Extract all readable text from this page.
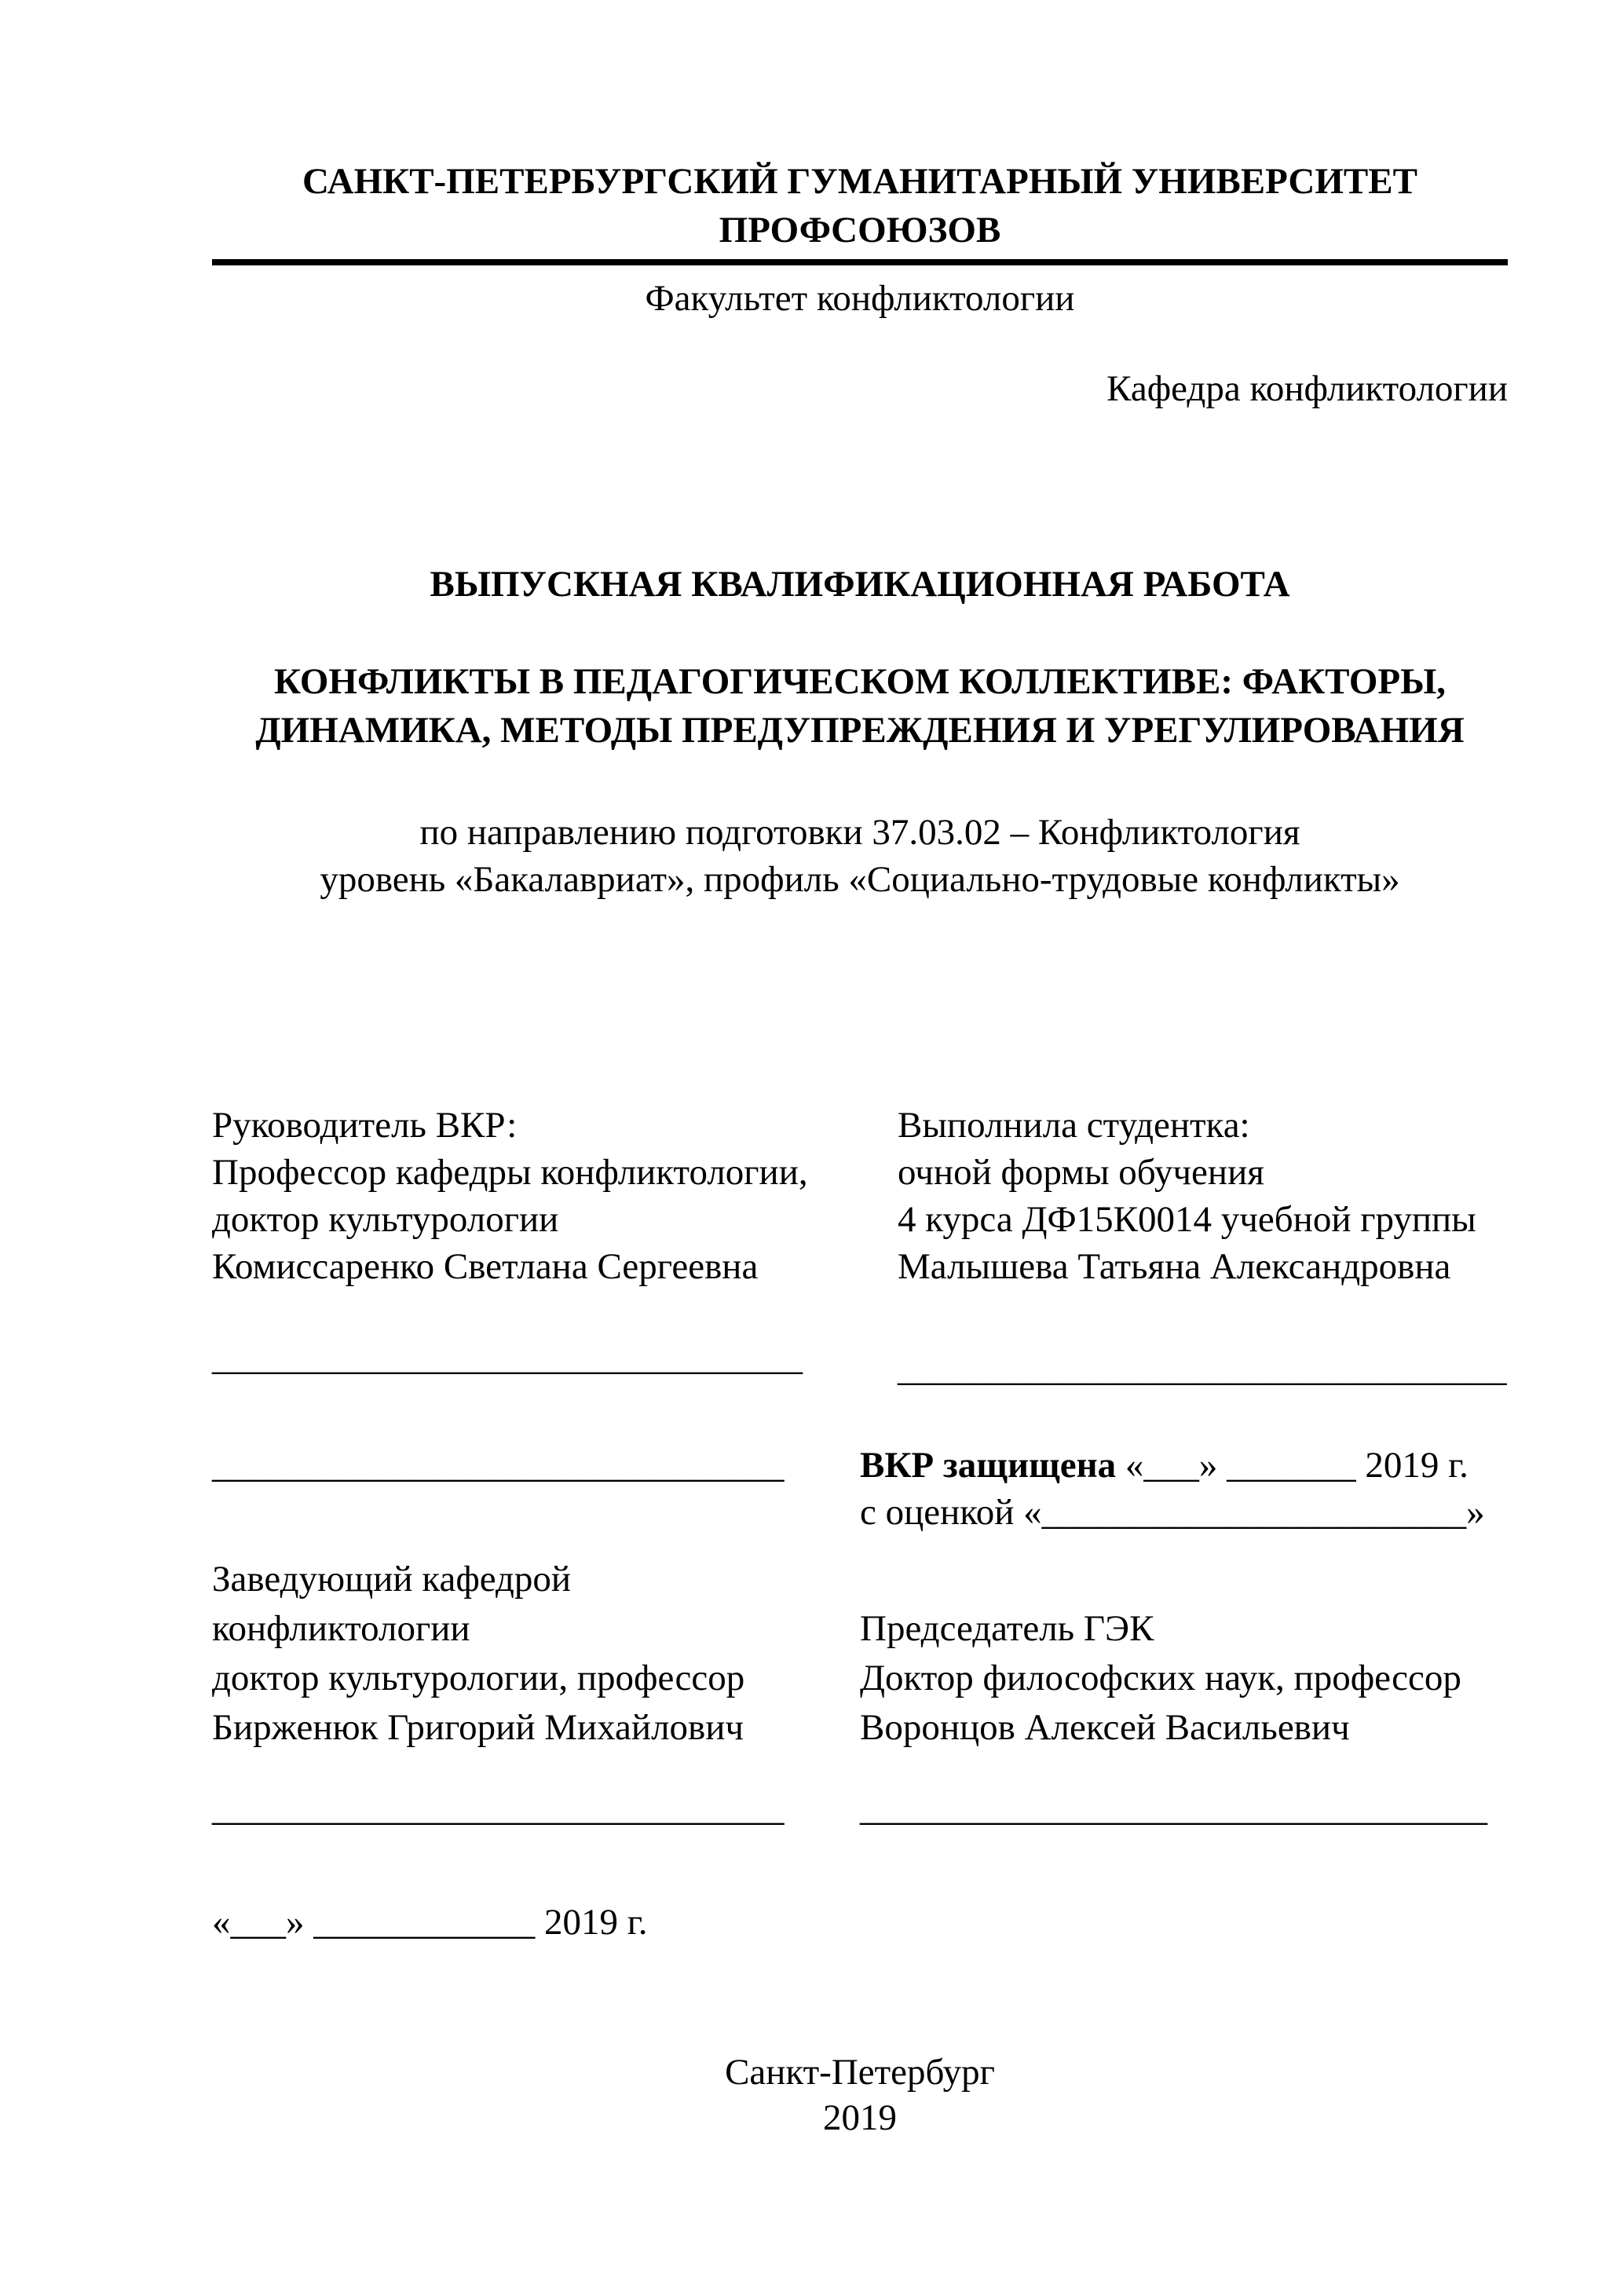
САНКТ-ПЕТЕРБУРГСКИЙ ГУМАНИТАРНЫЙ УНИВЕРСИТЕТ
ПРОФСОЮЗОВ
Факультет конфликтологии
Кафедра конфликтологии
ВЫПУСКНАЯ КВАЛИФИКАЦИОННАЯ РАБОТА
КОНФЛИКТЫ В ПЕДАГОГИЧЕСКОМ КОЛЛЕКТИВЕ: ФАКТОРЫ,
ДИНАМИКА, МЕТОДЫ ПРЕДУПРЕЖДЕНИЯ И УРЕГУЛИРОВАНИЯ
по направлению подготовки 37.03.02 – Конфликтология
уровень «Бакалавриат», профиль «Социально-трудовые конфликты»
Руководитель ВКР:
Профессор кафедры конфликтологии,
доктор культурологии
Комиссаренко Светлана Сергеевна
Выполнила студентка:
очной формы обучения
4 курса ДФ15К0014 учебной группы
Малышева Татьяна Александровна
________________________________	_________________________________
_______________________________	ВКР защищена «___» _______ 2019 г.
с оценкой «_______________________»
Заведующий кафедрой
конфликтологии
доктор культурологии, профессор
Бирженюк Григорий Михайлович
Председатель ГЭК
Доктор философских наук, профессор
Воронцов Алексей Васильевич
_______________________________	__________________________________
«___» ____________ 2019 г.
Санкт-Петербург
2019
